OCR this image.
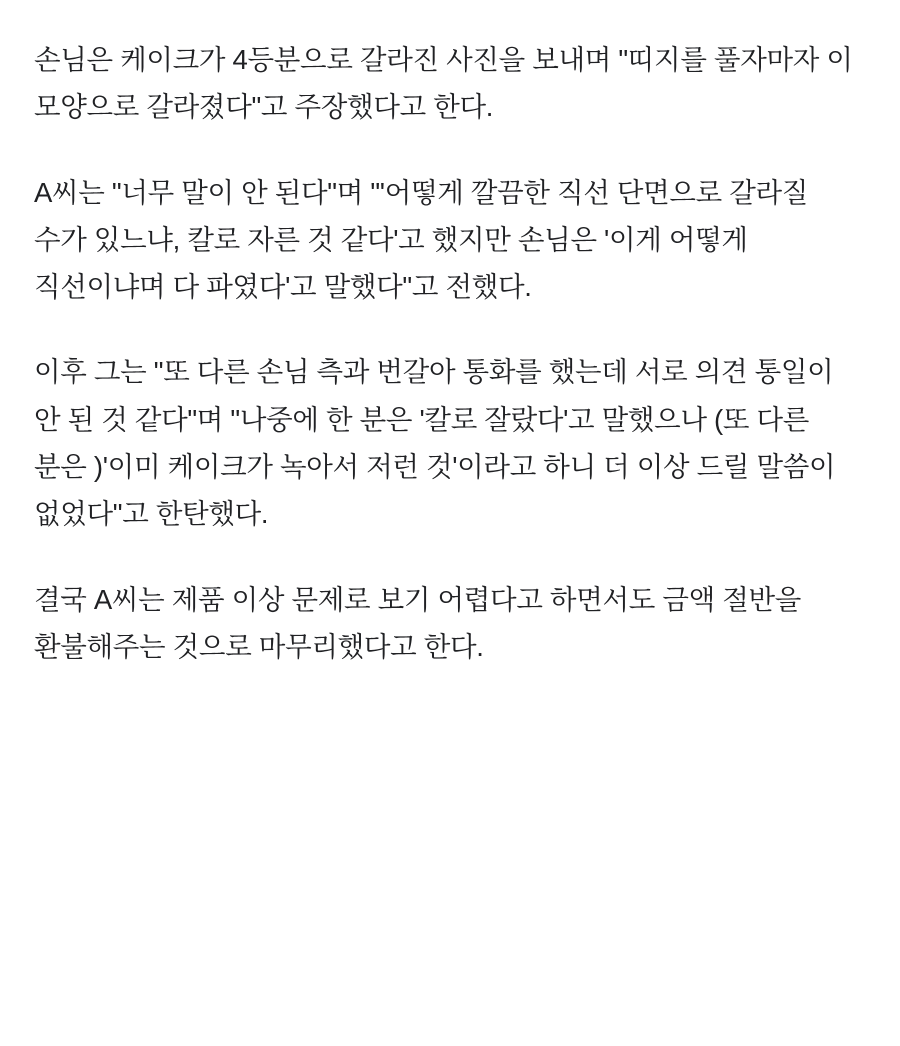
손님은 케이크가 4등분으로 갈라진 사진을 보내며 "띠지를 풀자마자 이 모양으로 갈라졌다"고 주장했다고 한다.

A씨는 "너무 말이 안 된다"며 "'어떻게 깔끔한 직선 단면으로 갈라질 수가 있느냐, 칼로 자른 것 같다'고 했지만 손님은 '이게 어떻게 직선이냐며 다 파였다'고 말했다"고 전했다.

이후 그는 "또 다른 손님 측과 번갈아 통화를 했는데 서로 의견 통일이 안 된 것 같다"며 "나중에 한 분은 '칼로 잘랐다'고 말했으나 (또 다른 분은 )'이미 케이크가 녹아서 저런 것'이라고 하니 더 이상 드릴 말씀이 없었다"고 한탄했다.

결국 A씨는 제품 이상 문제로 보기 어렵다고 하면서도 금액 절반을 환불해주는 것으로 마무리했다고 한다.
